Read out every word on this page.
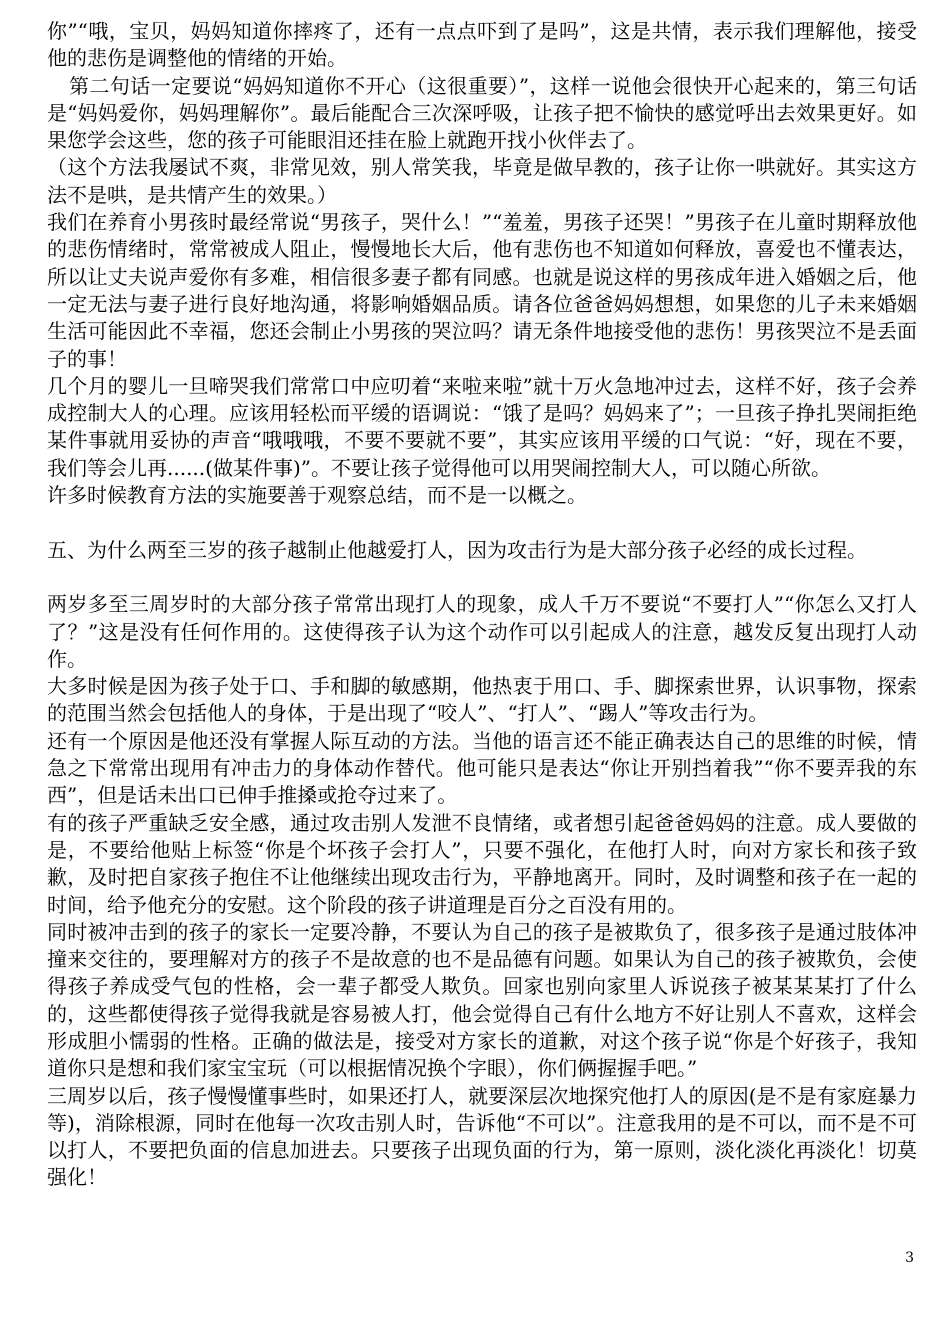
你”“哦，宝贝，妈妈知道你摔疼了，还有一点点吓到了是吗”，这是共情，表示我们理解他，接受他的悲伤是调整他的情绪的开始。

第二句话一定要说“妈妈知道你不开心（这很重要）”，这样一说他会很快开心起来的，第三句话是“妈妈爱你，妈妈理解你”。最后能配合三次深呼吸，让孩子把不愉快的感觉呼出去效果更好。如果您学会这些，您的孩子可能眼泪还挂在脸上就跑开找小伙伴去了。

（这个方法我屡试不爽，非常见效，别人常笑我，毕竟是做早教的，孩子让你一哄就好。其实这方法不是哄，是共情产生的效果。）

我们在养育小男孩时最经常说“男孩子，哭什么！”“羞羞，男孩子还哭！”男孩子在儿童时期释放他的悲伤情绪时，常常被成人阻止，慢慢地长大后，他有悲伤也不知道如何释放，喜爱也不懂表达，所以让丈夫说声爱你有多难，相信很多妻子都有同感。也就是说这样的男孩成年进入婚姻之后，他一定无法与妻子进行良好地沟通，将影响婚姻品质。请各位爸爸妈妈想想，如果您的儿子未来婚姻生活可能因此不幸福，您还会制止小男孩的哭泣吗？请无条件地接受他的悲伤！男孩哭泣不是丢面子的事！

几个月的婴儿一旦啼哭我们常常口中应叨着“来啦来啦”就十万火急地冲过去，这样不好，孩子会养成控制大人的心理。应该用轻松而平缓的语调说：“饿了是吗？妈妈来了”；一旦孩子挣扎哭闹拒绝某件事就用妥协的声音“哦哦哦，不要不要就不要”，其实应该用平缓的口气说：“好，现在不要，我们等会儿再......(做某件事)”。不要让孩子觉得他可以用哭闹控制大人，可以随心所欲。

许多时候教育方法的实施要善于观察总结，而不是一以概之。

五、为什么两至三岁的孩子越制止他越爱打人，因为攻击行为是大部分孩子必经的成长过程。

两岁多至三周岁时的大部分孩子常常出现打人的现象，成人千万不要说“不要打人”“你怎么又打人了？”这是没有任何作用的。这使得孩子认为这个动作可以引起成人的注意，越发反复出现打人动作。

大多时候是因为孩子处于口、手和脚的敏感期，他热衷于用口、手、脚探索世界，认识事物，探索的范围当然会包括他人的身体，于是出现了“咬人”、“打人”、“踢人”等攻击行为。

还有一个原因是他还没有掌握人际互动的方法。当他的语言还不能正确表达自己的思维的时候，情急之下常常出现用有冲击力的身体动作替代。他可能只是表达“你让开别挡着我”“你不要弄我的东西”，但是话未出口已伸手推搡或抢夺过来了。

有的孩子严重缺乏安全感，通过攻击别人发泄不良情绪，或者想引起爸爸妈妈的注意。成人要做的是，不要给他贴上标签“你是个坏孩子会打人”，只要不强化，在他打人时，向对方家长和孩子致歉，及时把自家孩子抱住不让他继续出现攻击行为，平静地离开。同时，及时调整和孩子在一起的时间，给予他充分的安慰。这个阶段的孩子讲道理是百分之百没有用的。

同时被冲击到的孩子的家长一定要冷静，不要认为自己的孩子是被欺负了，很多孩子是通过肢体冲撞来交往的，要理解对方的孩子不是故意的也不是品德有问题。如果认为自己的孩子被欺负，会使得孩子养成受气包的性格，会一辈子都受人欺负。回家也别向家里人诉说孩子被某某某打了什么的，这些都使得孩子觉得我就是容易被人打，他会觉得自己有什么地方不好让别人不喜欢，这样会形成胆小懦弱的性格。正确的做法是，接受对方家长的道歉，对这个孩子说“你是个好孩子，我知道你只是想和我们家宝宝玩（可以根据情况换个字眼），你们俩握握手吧。”

三周岁以后，孩子慢慢懂事些时，如果还打人，就要深层次地探究他打人的原因(是不是有家庭暴力等)，消除根源，同时在他每一次攻击别人时，告诉他“不可以”。注意我用的是不可以，而不是不可以打人，不要把负面的信息加进去。只要孩子出现负面的行为，第一原则，淡化淡化再淡化！切莫强化！

3
